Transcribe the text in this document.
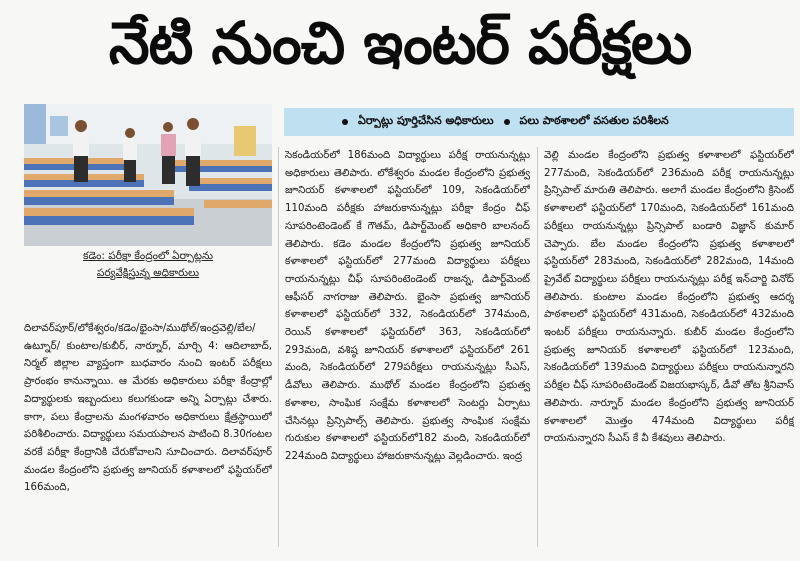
నేటి నుంచి ఇంటర్ పరీక్షలు
కడెం: పరీక్షా కేంద్రంలో ఏర్పాట్లను
పర్యవేక్షిస్తున్న అధికారులు
ఏర్పాట్లు పూర్తిచేసిన అధికారులు పలు పాఠశాలలో వసతుల పరిశీలన

దిలావర్‌పూర్/లోకేశ్వరం/కడెం/భైంసా/ముథోల్/ఇంద్రవెల్లి/బేల/ఉట్నూర్/ కుంటాల/కుబీర్, నార్నూర్, మార్చి 4: ఆదిలాబాద్, నిర్మల్ జిల్లాల వ్యాప్తంగా బుధవారం నుంచి ఇంటర్ పరీక్షలు ప్రారంభం కానున్నాయి. ఆ మేరకు అధికారులు పరీక్షా కేంద్రాల్లో విద్యార్థులకు ఇబ్బందులు కలుగకుండా అన్ని ఏర్పాట్లు చేశారు. కాగా, పలు కేంద్రాలను మంగళవారం అధికారులు క్షేత్రస్థాయిలో పరిశీలించారు. విద్యార్థులు సమయపాలన పాటించి 8.30గంటల వరకే పరీక్షా కేంద్రానికి చేరుకోవాలని సూచించారు. దిలావర్‌పూర్ మండల కేంద్రంలోని ప్రభుత్వ జూనియర్ కళాశాలలో ఫస్టియర్‌లో 166మంది,

సెకండియర్‌లో 186మంది విద్యార్థులు పరీక్ష రాయనున్నట్లు అధికారులు తెలిపారు. లోకేశ్వరం మండల కేంద్రంలోని ప్రభుత్వ జూనియర్ కళాశాలలో ఫస్టియర్‌లో 109, సెకండియర్‌లో 110మంది పరీక్షకు హాజరుకానున్నట్లు పరీక్షా కేంద్రం చీఫ్ సూపరింటెండెంట్ కే గౌతమ్, డిపార్ట్‌మెంట్ అధికారి బాలనంద్ తెలిపారు. కడెం మండల కేంద్రంలోని ప్రభుత్వ జూనియర్ కళాశాలలో ఫస్టియర్‌లో 277మంది విద్యార్థులు పరీక్షలు రాయనున్నట్లు చీఫ్ సూపరింటెండెంట్ రాజన్న, డిపార్ట్‌మెంట్ ఆఫీసర్ నాగరాజు తెలిపారు. భైంసా ప్రభుత్వ జూనియర్ కళాశాలలో ఫస్టియర్‌లో 332, సెకండియర్‌లో 374మంది, రెయిన్ కళాశాలలో ఫస్టియర్‌లో 363, సెకండియర్‌లో 293మంది, వశిష్ఠ జూనియర్ కళాశాలలో ఫస్టియర్‌లో 261 మంది, సెకండియర్‌లో 279పరీక్షలు రాయనున్నట్లు సీఎస్, డీవోలు తెలిపారు. ముథోల్ మండల కేంద్రంలోని ప్రభుత్వ కళాశాల, సాంఘిక సంక్షేమ కళాశాలలో సెంటర్లు ఏర్పాటు చేసినట్లు ప్రిన్సిపాల్స్ తెలిపారు. ప్రభుత్వ సాంఘిక సంక్షేమ గురుకుల కళాశాలలో ఫస్టియర్‌లో182 మంది, సెకండియర్‌లో 224మంది విద్యార్థులు హాజరుకానున్నట్లు వెల్లడించారు. ఇంద్ర

వెల్లి మండల కేంద్రంలోని ప్రభుత్వ కళాశాలలో ఫస్టియర్‌లో 277మంది, సెకండియర్‌లో 236మంది పరీక్ష రాయనున్నట్లు ప్రిన్సిపాల్ మారుతి తెలిపారు. అలాగే మండల కేంద్రంలోని క్రిసెంట్ కళాశాలలో ఫస్టియర్‌లో 170మంది, సెకండియర్‌లో 161మంది పరీక్షలు రాయనున్నట్లు ప్రిన్సిపాల్ బండారి విజ్ఞాన్ కుమార్ చెప్పారు. బేల మండల కేంద్రంలోని ప్రభుత్వ కళాశాలలో ఫస్టియర్‌లో 283మంది, సెకండియర్‌లో 282మంది, 14మంది ప్రైవేట్ విద్యార్థులు పరీక్షలు రాయనున్నట్లు పరీక్ష ఇన్‌చార్జి వినోద్ తెలిపారు. కుంటాల మండల కేంద్రంలోని ప్రభుత్వ ఆదర్శ పాఠశాలలో ఫస్టియర్‌లో 431మంది, సెకండియర్‌లో 432మంది ఇంటర్ పరీక్షలు రాయనున్నారు. కుబీర్ మండల కేంద్రంలోని ప్రభుత్వ జూనియర్ కళాశాలలో ఫస్టియర్‌లో 123మంది, సెకండియర్‌లో 139మంది విద్యార్థులు పరీక్షలు రాయనున్నారని పరీక్షల చీఫ్ సూపరింటెండెంట్ విజయభాస్కర్, డీవో తోట శ్రీనివాస్ తెలిపారు. నార్నూర్ మండల కేంద్రంలోని ప్రభుత్వ జూనియర్ కళాశాలలో మొత్తం 474మంది విద్యార్థులు పరీక్ష రాయనున్నారని సీఎస్ కే వీ కేశవులు తెలిపారు.
